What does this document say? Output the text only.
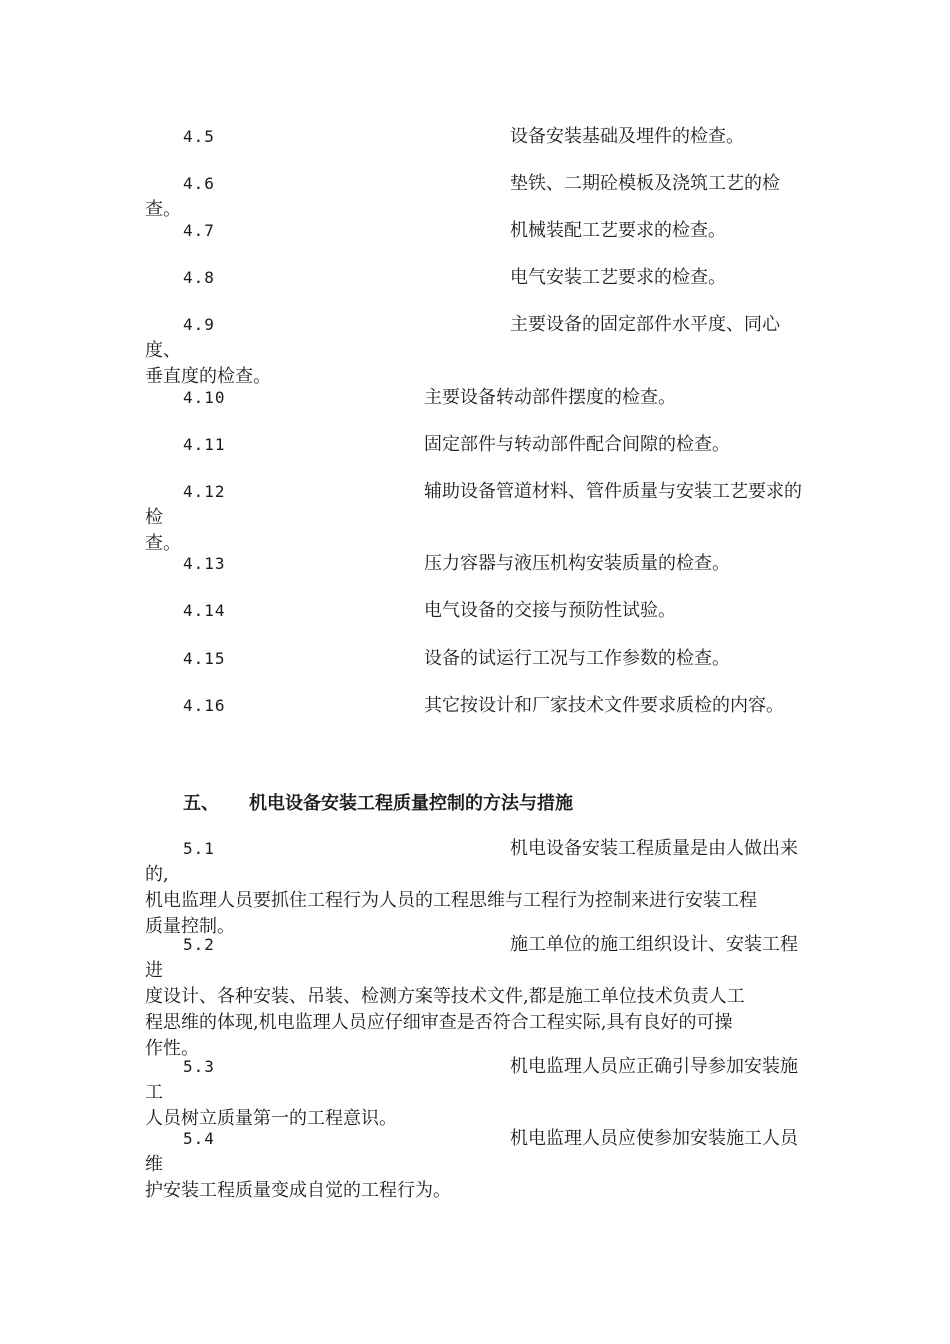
4.5	设备安装基础及埋件的检查。

4.6	垫铁、二期砼模板及浇筑工艺的检查。

4.7	机械装配工艺要求的检查。

4.8	电气安装工艺要求的检查。

4.9	主要设备的固定部件水平度、同心度、
垂直度的检查。

4.10	主要设备转动部件摆度的检查。

4.11	固定部件与转动部件配合间隙的检查。

4.12	辅助设备管道材料、管件质量与安装工艺要求的检
查。

4.13	压力容器与液压机构安装质量的检查。

4.14	电气设备的交接与预防性试验。

4.15	设备的试运行工况与工作参数的检查。

4.16	其它按设计和厂家技术文件要求质检的内容。

五、 机电设备安装工程质量控制的方法与措施

5.1	机电设备安装工程质量是由人做出来的,
机电监理人员要抓住工程行为人员的工程思维与工程行为控制来进行安装工程
质量控制。

5.2	施工单位的施工组织设计、安装工程进
度设计、各种安装、吊装、检测方案等技术文件,都是施工单位技术负责人工
程思维的体现,机电监理人员应仔细审查是否符合工程实际,具有良好的可操
作性。

5.3	机电监理人员应正确引导参加安装施工
人员树立质量第一的工程意识。

5.4	机电监理人员应使参加安装施工人员维
护安装工程质量变成自觉的工程行为。
